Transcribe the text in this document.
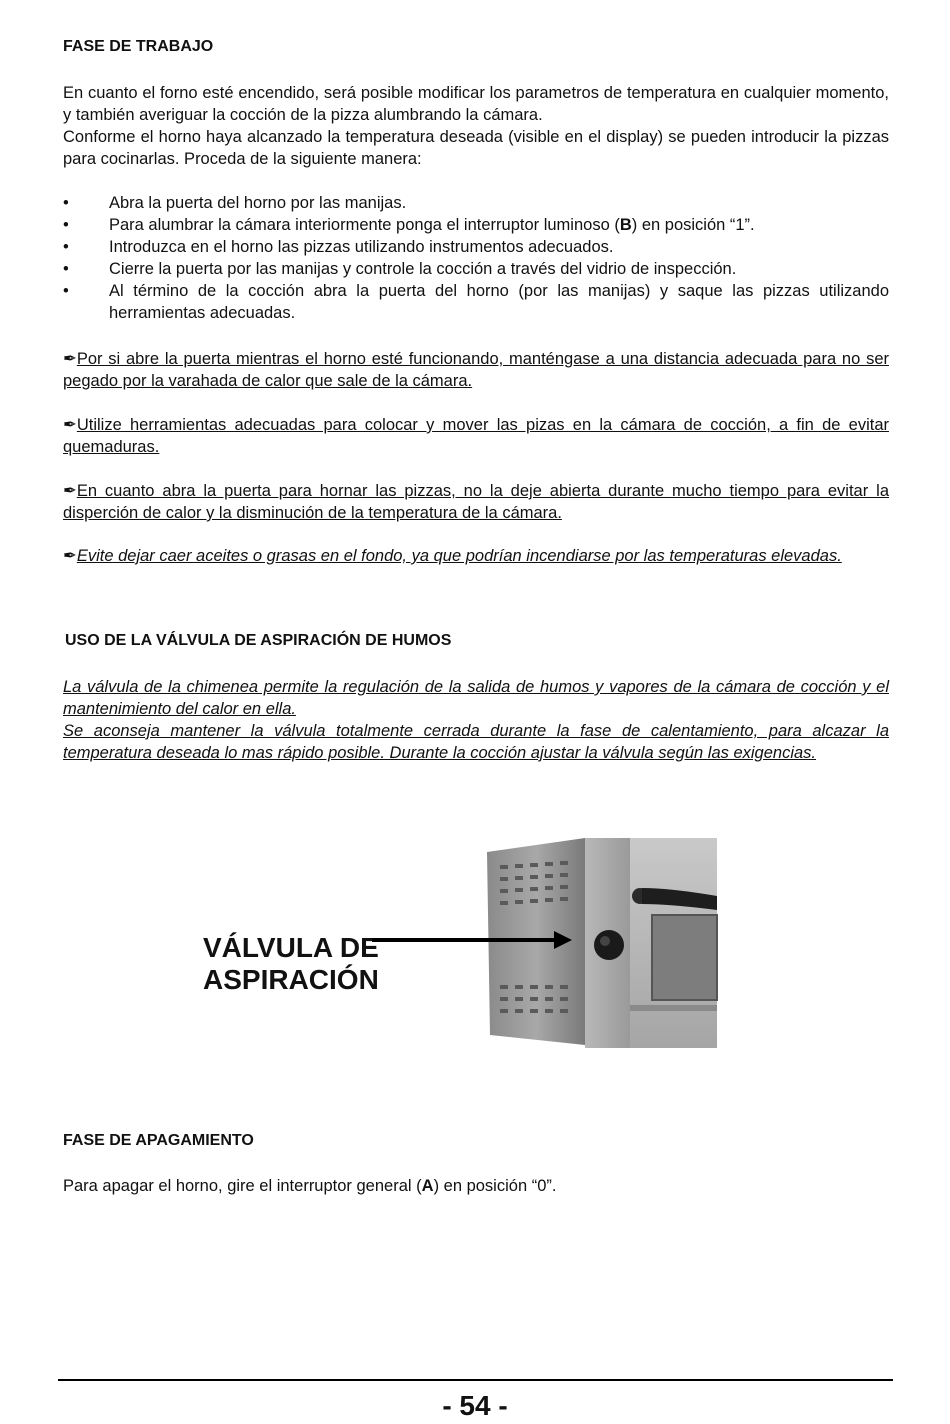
FASE DE TRABAJO
En cuanto el forno esté encendido, será posible modificar los parametros de temperatura en cualquier momento, y también averiguar la cocción de la pizza alumbrando la cámara.
Conforme el horno haya alcanzado la temperatura deseada (visible en el display) se pueden introducir la pizzas para cocinarlas. Proceda de la siguiente manera:
• Abra la puerta del horno por las manijas.
• Para alumbrar la cámara interiormente ponga el interruptor luminoso (B) en posición “1”.
• Introduzca en el horno las pizzas utilizando instrumentos adecuados.
• Cierre la puerta por las manijas y controle la cocción a través del vidrio de inspección.
• Al término de la cocción abra la puerta del horno (por las manijas) y saque las pizzas utilizando herramientas adecuadas.
✒Por si abre la puerta mientras el horno esté funcionando, manténgase a una distancia adecuada para no ser pegado por la varahada de calor que sale de la cámara.
✒Utilize herramientas adecuadas para colocar y mover las pizas en la cámara de cocción, a fin de evitar quemaduras.
✒En cuanto abra la puerta para hornar las pizzas, no la deje abierta durante mucho tiempo para evitar la disperción de calor y la disminución de la temperatura de la cámara.
✒Evite dejar caer aceites o grasas en el fondo, ya que podrían incendiarse por las temperaturas elevadas.
USO DE LA VÁLVULA DE ASPIRACIÓN DE HUMOS
La válvula de la chimenea permite la regulación de la salida de humos y vapores de la cámara de cocción y el mantenimiento del calor en ella.
Se aconseja mantener la válvula totalmente cerrada durante la fase de calentamiento, para alcazar la temperatura deseada lo mas rápido posible. Durante la cocción ajustar la válvula según las exigencias.
VÁLVULA DE
ASPIRACIÓN
FASE DE APAGAMIENTO
Para apagar el horno, gire el interruptor general (A) en posición “0”.
- 54 -
